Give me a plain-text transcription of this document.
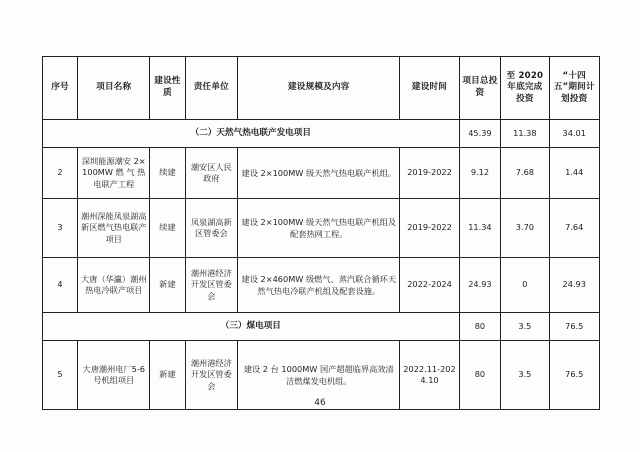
序号	项目名称	建设性质	责任单位	建设规模及内容	建设时间	项目总投资	至 2020 年底完成投资	“十四五”期间计划投资
（二）天然气热电联产发电项目						45.39	11.38	34.01
2	深圳能源潮安 2×100MW 燃 气 热电联产工程	续建	潮安区人民政府	建设 2×100MW 级天然气热电联产机组。	2019-2022	9.12	7.68	1.44
3	潮州深能凤泉湖高新区燃气热电联产项目	续建	凤泉湖高新区管委会	建设 2×100MW 级天然气热电联产机组及配套热网工程。	2019-2022	11.34	3.70	7.64
4	大唐（华瀛）潮州热电冷联产项目	新建	潮州港经济开发区管委会	建设 2×460MW 级燃气、蒸汽联合循环天然气热电冷联产机组及配套设施。	2022-2024	24.93	0	24.93
（三）煤电项目						80	3.5	76.5
5	大唐潮州电厂5-6 号机组项目	新建	潮州港经济开发区管委会	建设 2 台 1000MW 国产超超临界高效清洁燃煤发电机组。	2022.11-2024.10	80	3.5	76.5
46
